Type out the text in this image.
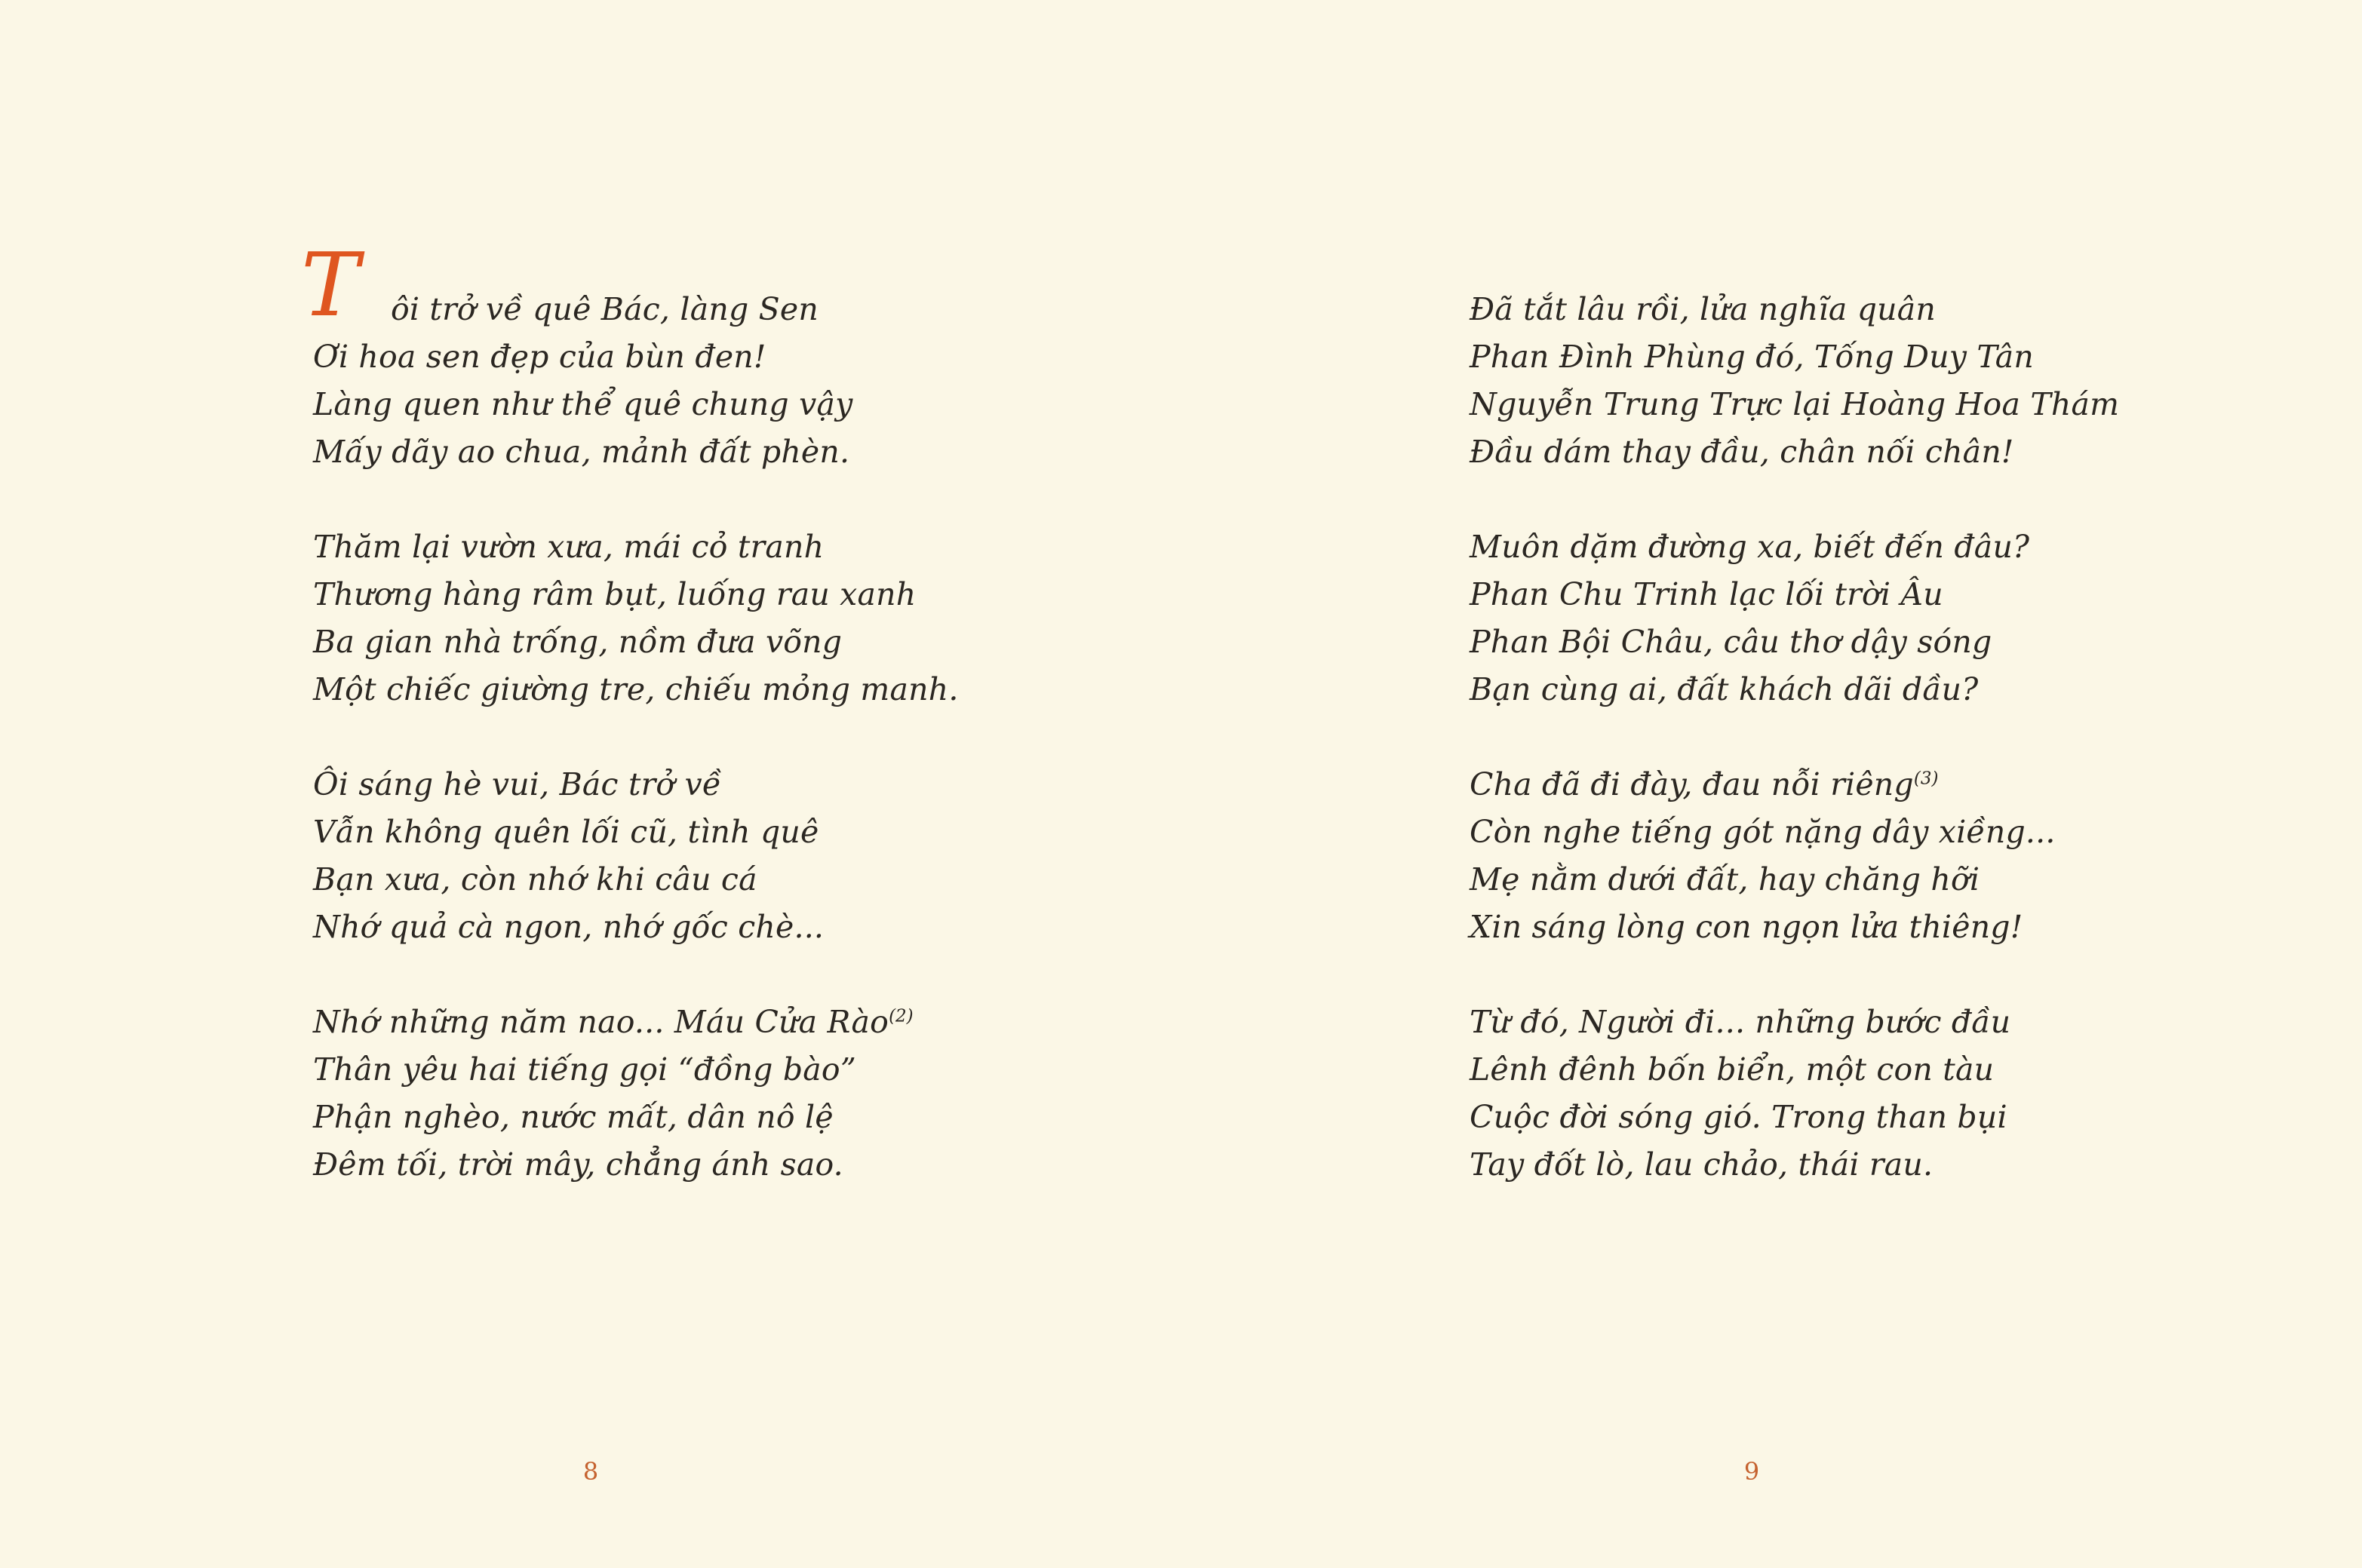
T ôi trở về quê Bác, làng Sen
Ơi hoa sen đẹp của bùn đen!
Làng quen như thể quê chung vậy
Mấy dãy ao chua, mảnh đất phèn.
Thăm lại vườn xưa, mái cỏ tranh
Thương hàng râm bụt, luống rau xanh
Ba gian nhà trống, nồm đưa võng
Một chiếc giường tre, chiếu mỏng manh.
Ôi sáng hè vui, Bác trở về
Vẫn không quên lối cũ, tình quê
Bạn xưa, còn nhớ khi câu cá
Nhớ quả cà ngon, nhớ gốc chè...
Nhớ những năm nao... Máu Cửa Rào$^{(2)}$
Thân yêu hai tiếng gọi “đồng bào”
Phận nghèo, nước mất, dân nô lệ
Đêm tối, trời mây, chẳng ánh sao.
Đã tắt lâu rồi, lửa nghĩa quân
Phan Đình Phùng đó, Tống Duy Tân
Nguyễn Trung Trực lại Hoàng Hoa Thám
Đầu dám thay đầu, chân nối chân!
Muôn dặm đường xa, biết đến đâu?
Phan Chu Trinh lạc lối trời Âu
Phan Bội Châu, câu thơ dậy sóng
Bạn cùng ai, đất khách dãi dầu?
Cha đã đi đày, đau nỗi riêng$^{(3)}$
Còn nghe tiếng gót nặng dây xiềng...
Mẹ nằm dưới đất, hay chăng hỡi
Xin sáng lòng con ngọn lửa thiêng!
Từ đó, Người đi... những bước đầu
Lênh đênh bốn biển, một con tàu
Cuộc đời sóng gió. Trong than bụi
Tay đốt lò, lau chảo, thái rau.
8	9
